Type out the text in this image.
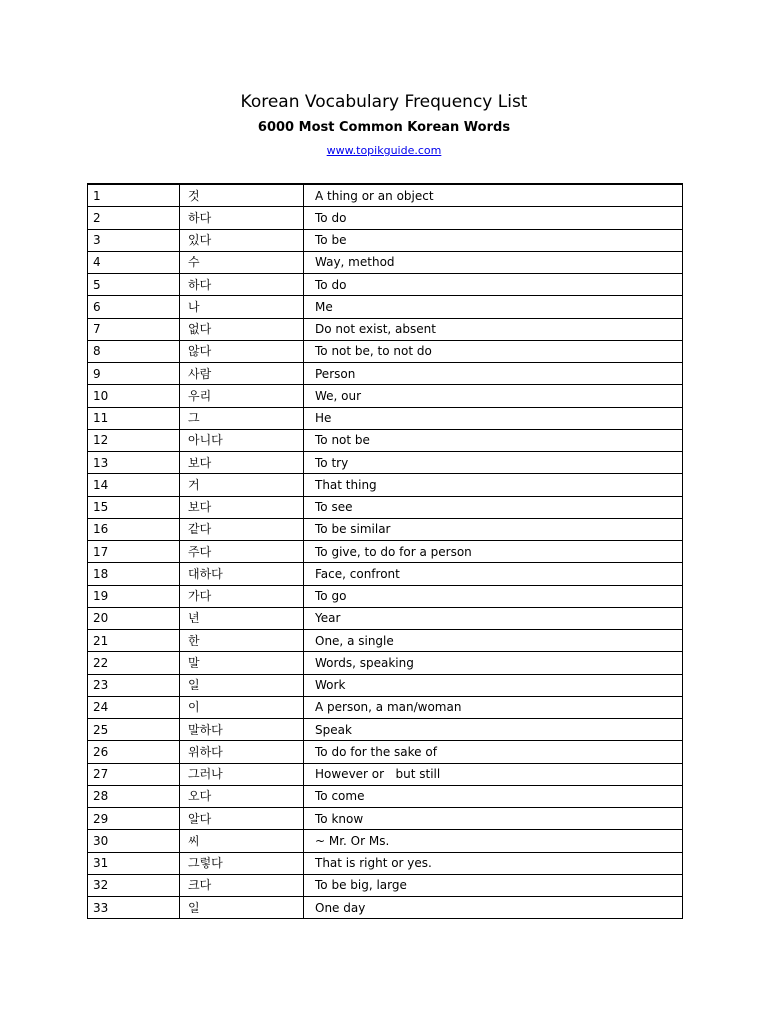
Korean Vocabulary Frequency List
6000 Most Common Korean Words
www.topikguide.com
1	것	A thing or an object
2	하다	To do
3	있다	To be
4	수	Way, method
5	하다	To do
6	나	Me
7	없다	Do not exist, absent
8	않다	To not be, to not do
9	사람	Person
10	우리	We, our
11	그	He
12	아니다	To not be
13	보다	To try
14	거	That thing
15	보다	To see
16	같다	To be similar
17	주다	To give, to do for a person
18	대하다	Face, confront
19	가다	To go
20	년	Year
21	한	One, a single
22	말	Words, speaking
23	일	Work
24	이	A person, a man/woman
25	말하다	Speak
26	위하다	To do for the sake of
27	그러나	However or   but still
28	오다	To come
29	알다	To know
30	씨	~ Mr. Or Ms.
31	그렇다	That is right or yes.
32	크다	To be big, large
33	일	One day
